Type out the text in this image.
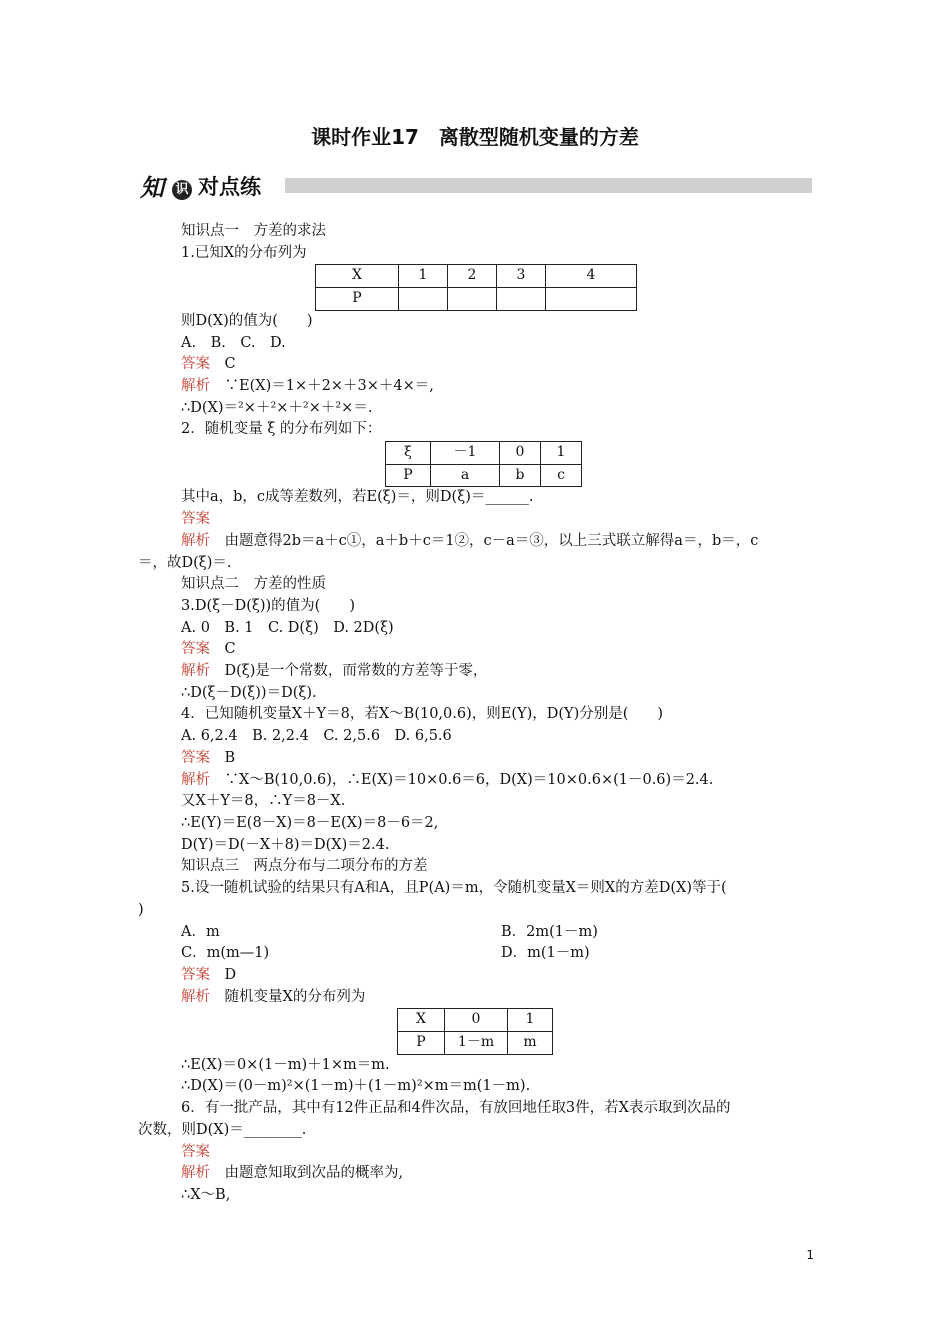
课时作业17　离散型随机变量的方差
知 识 对点练
知识点一　方差的求法
1.已知X的分布列为
X	1	2	3	4
P				
则D(X)的值为(　　)
A.　B.　C.　D.
答案　 C
解析　 ∵E(X)＝1×＋2×＋3×＋4×＝,
∴D(X)＝²×＋²×＋²×＋²×＝.
2．随机变量 ξ 的分布列如下：
ξ	－1	0	1
P	a	b	c
其中a，b，c成等差数列，若E(ξ)＝，则D(ξ)＝______.
答案
解析　 由题意得2b＝a＋c①，a＋b＋c＝1②，c－a＝③，以上三式联立解得a＝，b＝，c
＝，故D(ξ)＝.
知识点二　方差的性质
3.D(ξ－D(ξ))的值为(　　)
A. 0　B. 1　C. D(ξ)　D. 2D(ξ)
答案　 C
解析　 D(ξ)是一个常数，而常数的方差等于零，
∴D(ξ－D(ξ))＝D(ξ).
4．已知随机变量X＋Y＝8，若X～B(10,0.6)，则E(Y)，D(Y)分别是(　　)
A. 6,2.4　B. 2,2.4　C. 2,5.6　D. 6,5.6
答案　 B
解析　 ∵X～B(10,0.6)，∴E(X)＝10×0.6＝6，D(X)＝10×0.6×(1－0.6)＝2.4.
又X＋Y＝8，∴Y＝8－X.
∴E(Y)＝E(8－X)＝8－E(X)＝8－6＝2,
D(Y)＝D(－X＋8)＝D(X)＝2.4.
知识点三　两点分布与二项分布的方差
5.设一随机试验的结果只有A和A，且P(A)＝m，令随机变量X＝则X的方差D(X)等于(
)
A．m	B．2m(1－m)
C．m(m—1)	D．m(1－m)
答案　 D
解析　 随机变量X的分布列为
X	0	1
P	1－m	m
∴E(X)＝0×(1－m)＋1×m＝m.
∴D(X)＝(0－m)²×(1－m)＋(1－m)²×m＝m(1－m).
6．有一批产品，其中有12件正品和4件次品，有放回地任取3件，若X表示取到次品的
次数，则D(X)＝________.
答案
解析　 由题意知取到次品的概率为,
∴X～B,
1
